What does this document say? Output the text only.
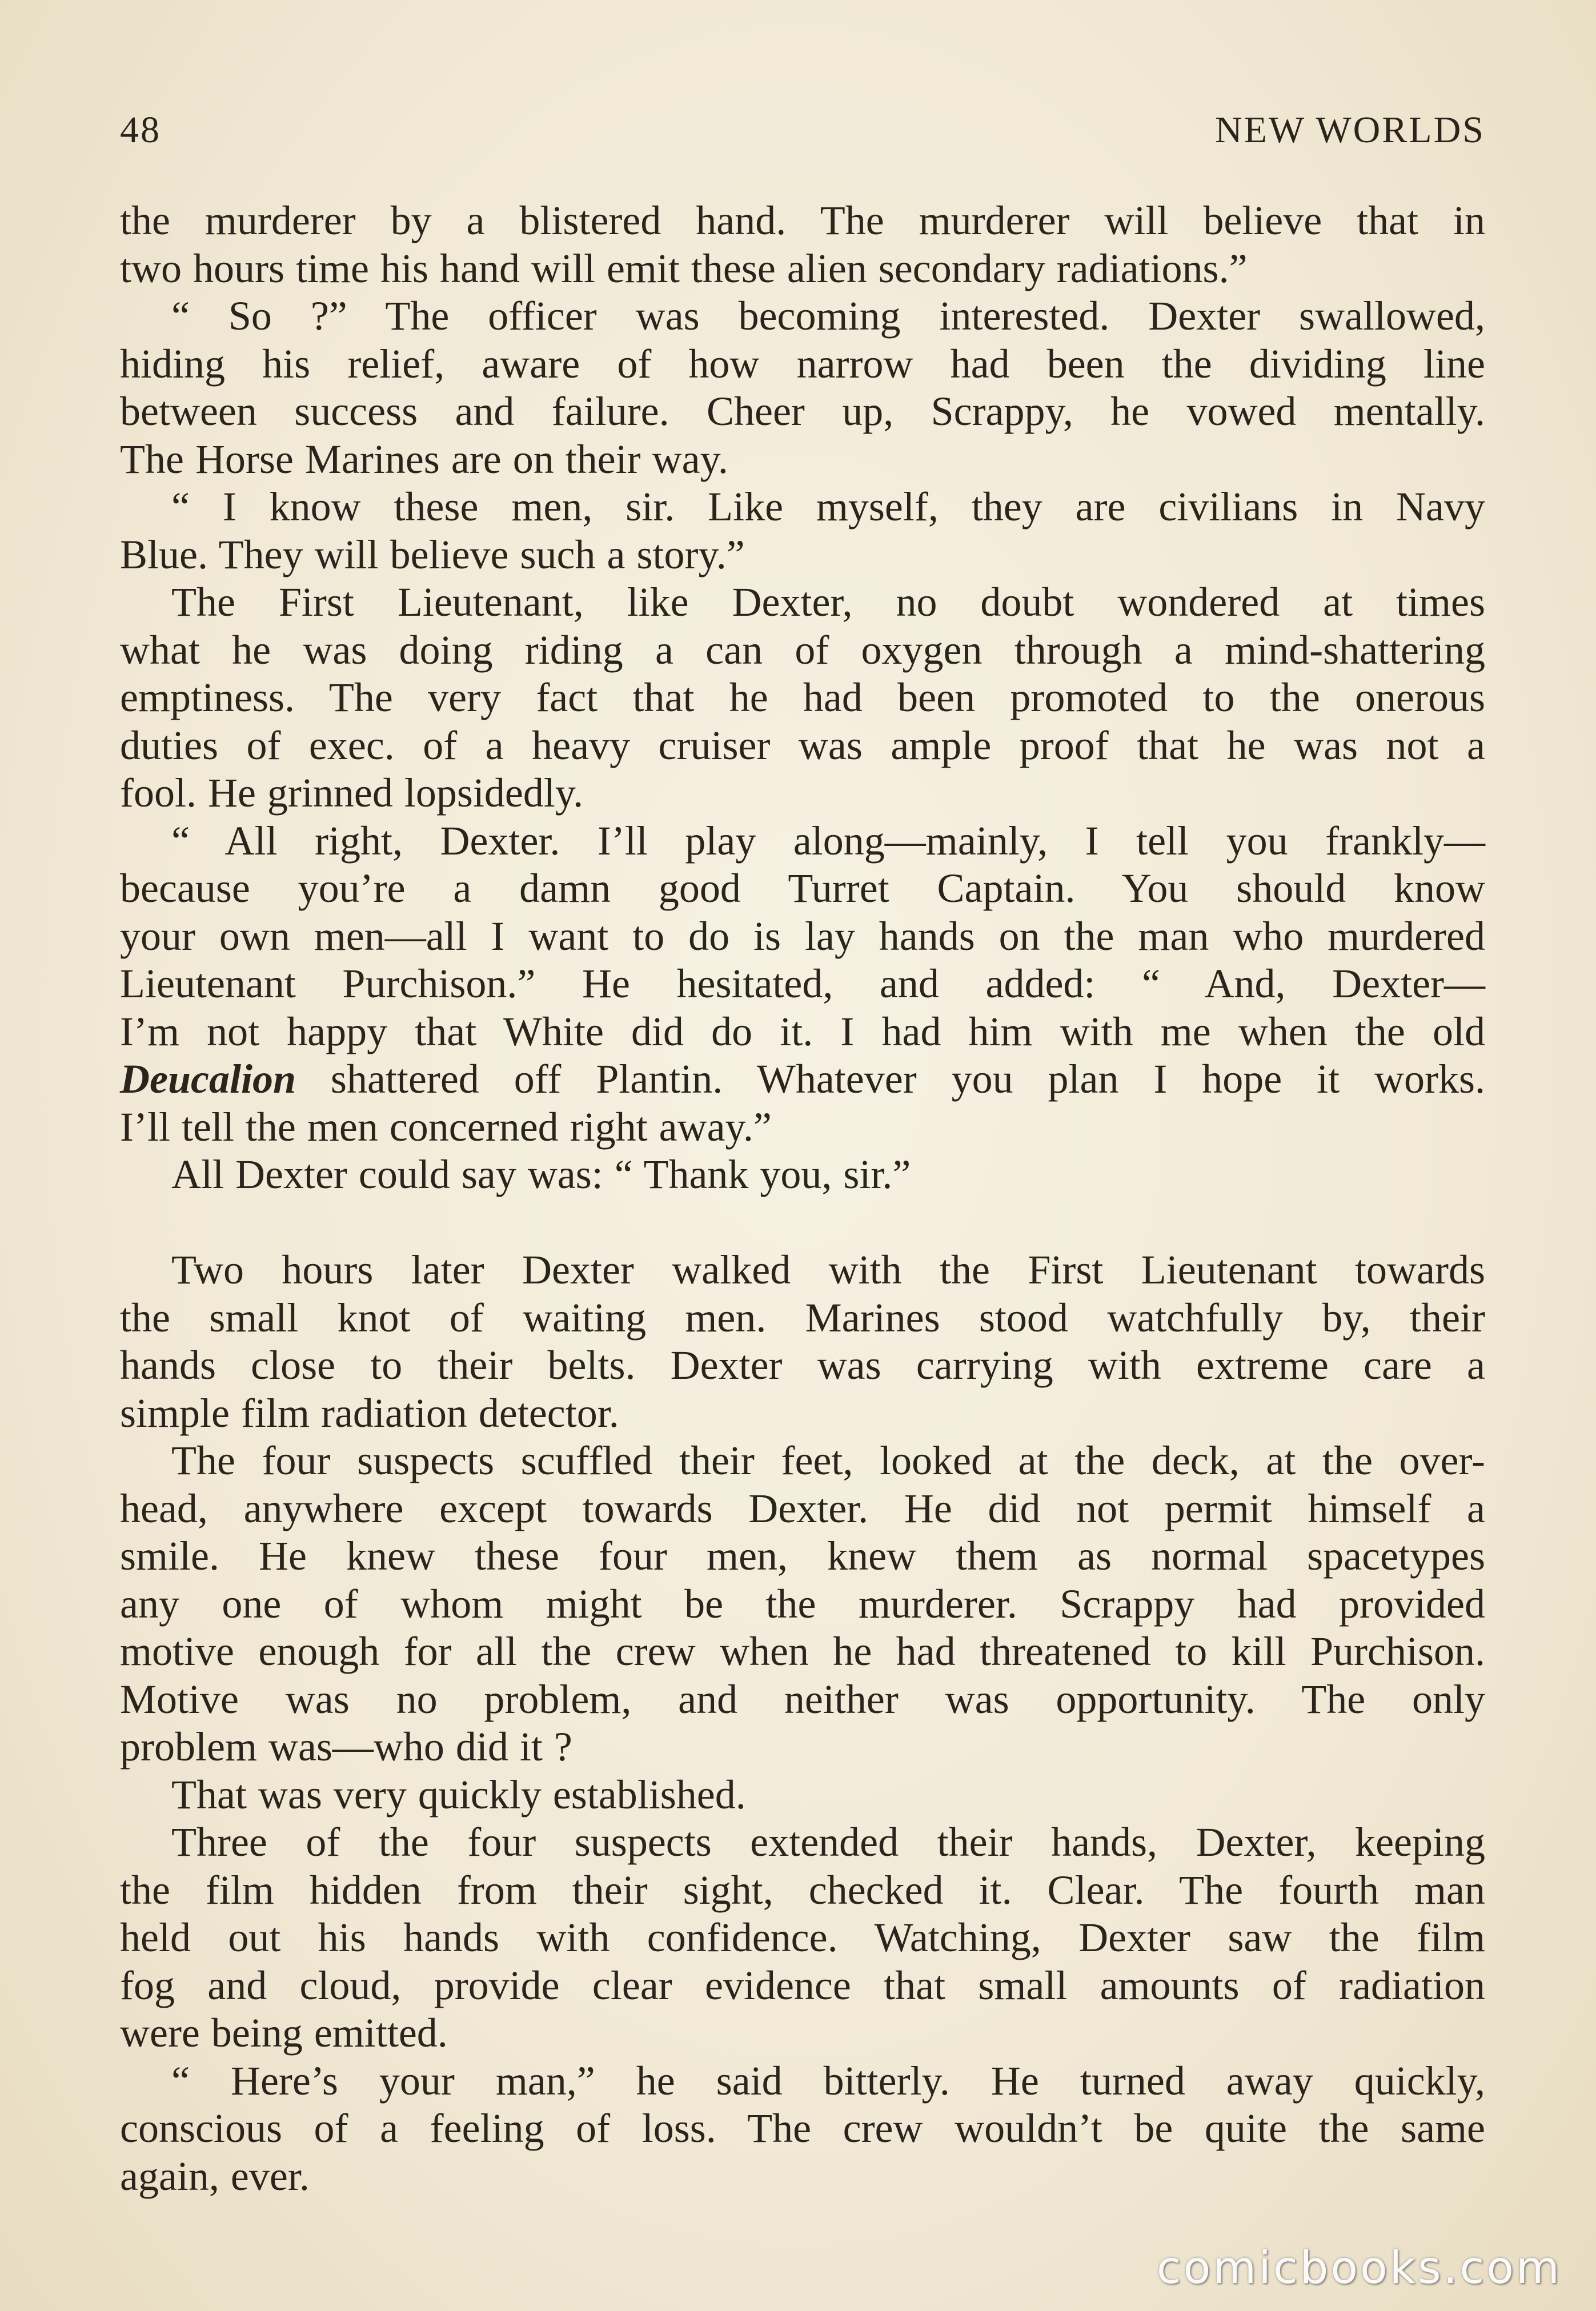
48	NEW WORLDS
the murderer by a blistered hand. The murderer will believe that in
two hours time his hand will emit these alien secondary radiations.”
“ So ?” The officer was becoming interested. Dexter swallowed,
hiding his relief, aware of how narrow had been the dividing line
between success and failure. Cheer up, Scrappy, he vowed mentally.
The Horse Marines are on their way.
“ I know these men, sir. Like myself, they are civilians in Navy
Blue. They will believe such a story.”
The First Lieutenant, like Dexter, no doubt wondered at times
what he was doing riding a can of oxygen through a mind-shattering
emptiness. The very fact that he had been promoted to the onerous
duties of exec. of a heavy cruiser was ample proof that he was not a
fool. He grinned lopsidedly.
“ All right, Dexter. I’ll play along—mainly, I tell you frankly—
because you’re a damn good Turret Captain. You should know
your own men—all I want to do is lay hands on the man who murdered
Lieutenant Purchison.” He hesitated, and added: “ And, Dexter—
I’m not happy that White did do it. I had him with me when the old
Deucalion shattered off Plantin. Whatever you plan I hope it works.
I’ll tell the men concerned right away.”
All Dexter could say was: “ Thank you, sir.”
Two hours later Dexter walked with the First Lieutenant towards
the small knot of waiting men. Marines stood watchfully by, their
hands close to their belts. Dexter was carrying with extreme care a
simple film radiation detector.
The four suspects scuffled their feet, looked at the deck, at the over-
head, anywhere except towards Dexter. He did not permit himself a
smile. He knew these four men, knew them as normal spacetypes
any one of whom might be the murderer. Scrappy had provided
motive enough for all the crew when he had threatened to kill Purchison.
Motive was no problem, and neither was opportunity. The only
problem was—who did it ?
That was very quickly established.
Three of the four suspects extended their hands, Dexter, keeping
the film hidden from their sight, checked it. Clear. The fourth man
held out his hands with confidence. Watching, Dexter saw the film
fog and cloud, provide clear evidence that small amounts of radiation
were being emitted.
“ Here’s your man,” he said bitterly. He turned away quickly,
conscious of a feeling of loss. The crew wouldn’t be quite the same
again, ever.
comicbooks.com
